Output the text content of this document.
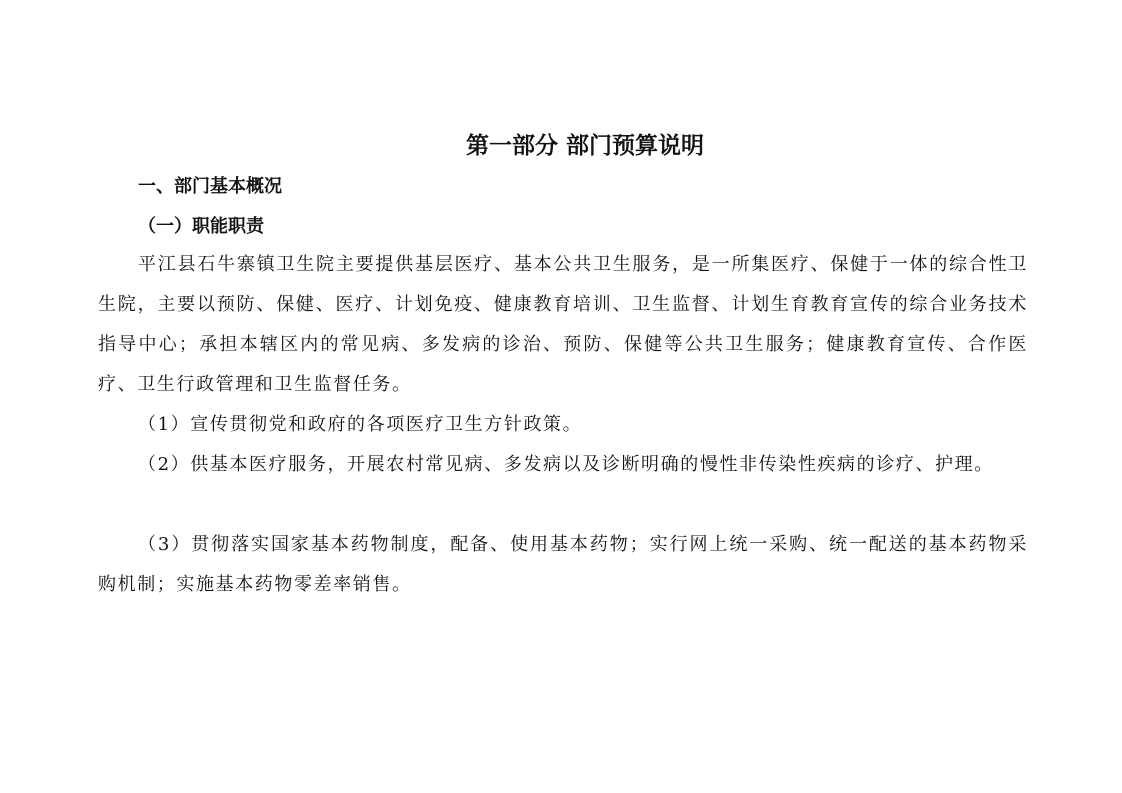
第一部分 部门预算说明
一、部门基本概况
（一）职能职责

平江县石牛寨镇卫生院主要提供基层医疗、基本公共卫生服务，是一所集医疗、保健于一体的综合性卫生院，主要以预防、保健、医疗、计划免疫、健康教育培训、卫生监督、计划生育教育宣传的综合业务技术指导中心；承担本辖区内的常见病、多发病的诊治、预防、保健等公共卫生服务；健康教育宣传、合作医疗、卫生行政管理和卫生监督任务。

（1）宣传贯彻党和政府的各项医疗卫生方针政策。

（2）供基本医疗服务，开展农村常见病、多发病以及诊断明确的慢性非传染性疾病的诊疗、护理。

（3）贯彻落实国家基本药物制度，配备、使用基本药物；实行网上统一采购、统一配送的基本药物采购机制；实施基本药物零差率销售。
